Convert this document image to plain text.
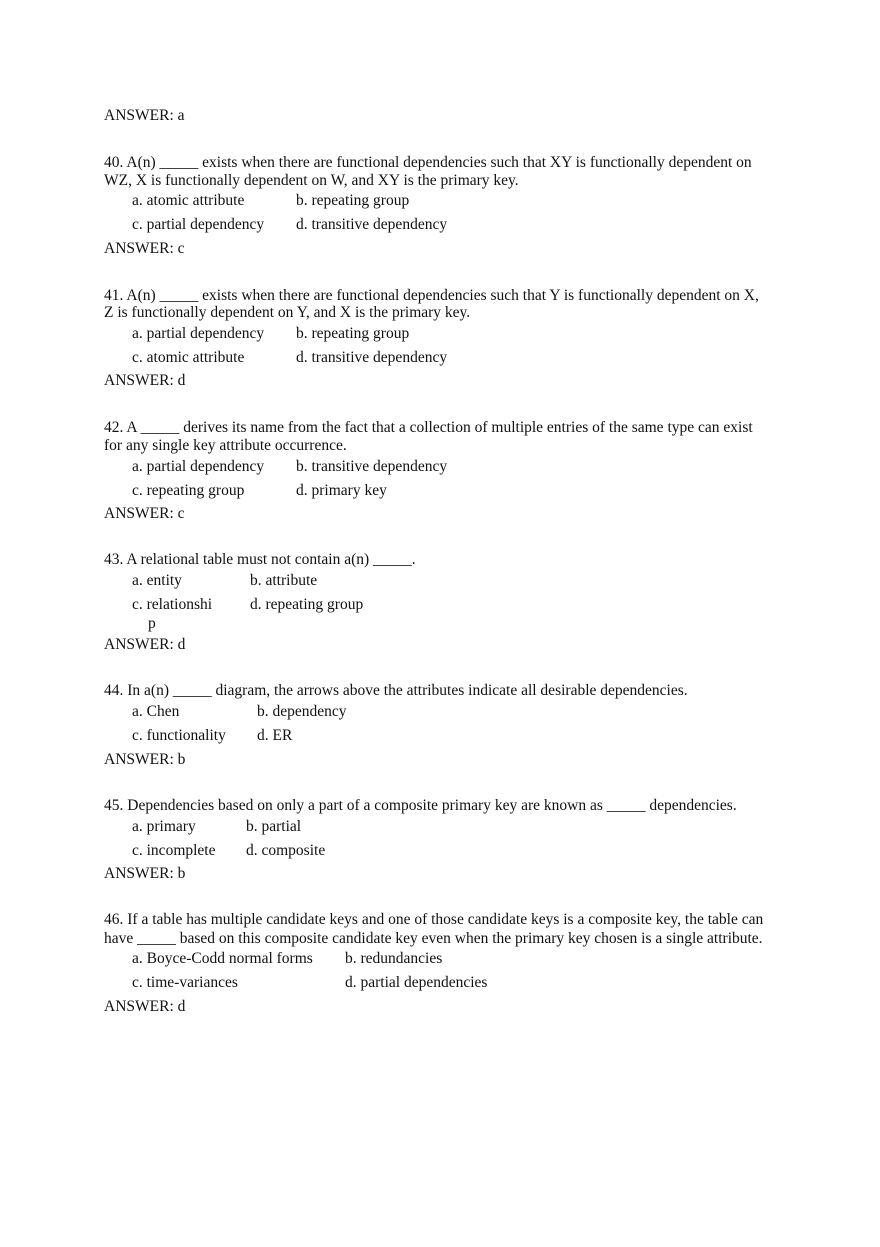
ANSWER: a
40. A(n) _____ exists when there are functional dependencies such that XY is functionally dependent on
WZ, X is functionally dependent on W, and XY is the primary key.
a. atomic attribute	b. repeating group
c. partial dependency d. transitive dependency
ANSWER: c
41. A(n) _____ exists when there are functional dependencies such that Y is functionally dependent on X,
Z is functionally dependent on Y, and X is the primary key.
a. partial dependency b. repeating group
c. atomic attribute	d. transitive dependency
ANSWER: d
42. A _____ derives its name from the fact that a collection of multiple entries of the same type can exist
for any single key attribute occurrence.
a. partial dependency b. transitive dependency
c. repeating group	d. primary key
ANSWER: c
43. A relational table must not contain a(n) _____.
a. entity	b. attribute
c. relationshi
p
d. repeating group
ANSWER: d
44. In a(n) _____ diagram, the arrows above the attributes indicate all desirable dependencies.
a. Chen	b. dependency
c. functionality d. ER
ANSWER: b
45. Dependencies based on only a part of a composite primary key are known as _____ dependencies.
a. primary	b. partial
c. incomplete d. composite
ANSWER: b
46. If a table has multiple candidate keys and one of those candidate keys is a composite key, the table can
have _____ based on this composite candidate key even when the primary key chosen is a single attribute.
a. Boyce-Codd normal forms b. redundancies
c. time-variances	d. partial dependencies
ANSWER: d
